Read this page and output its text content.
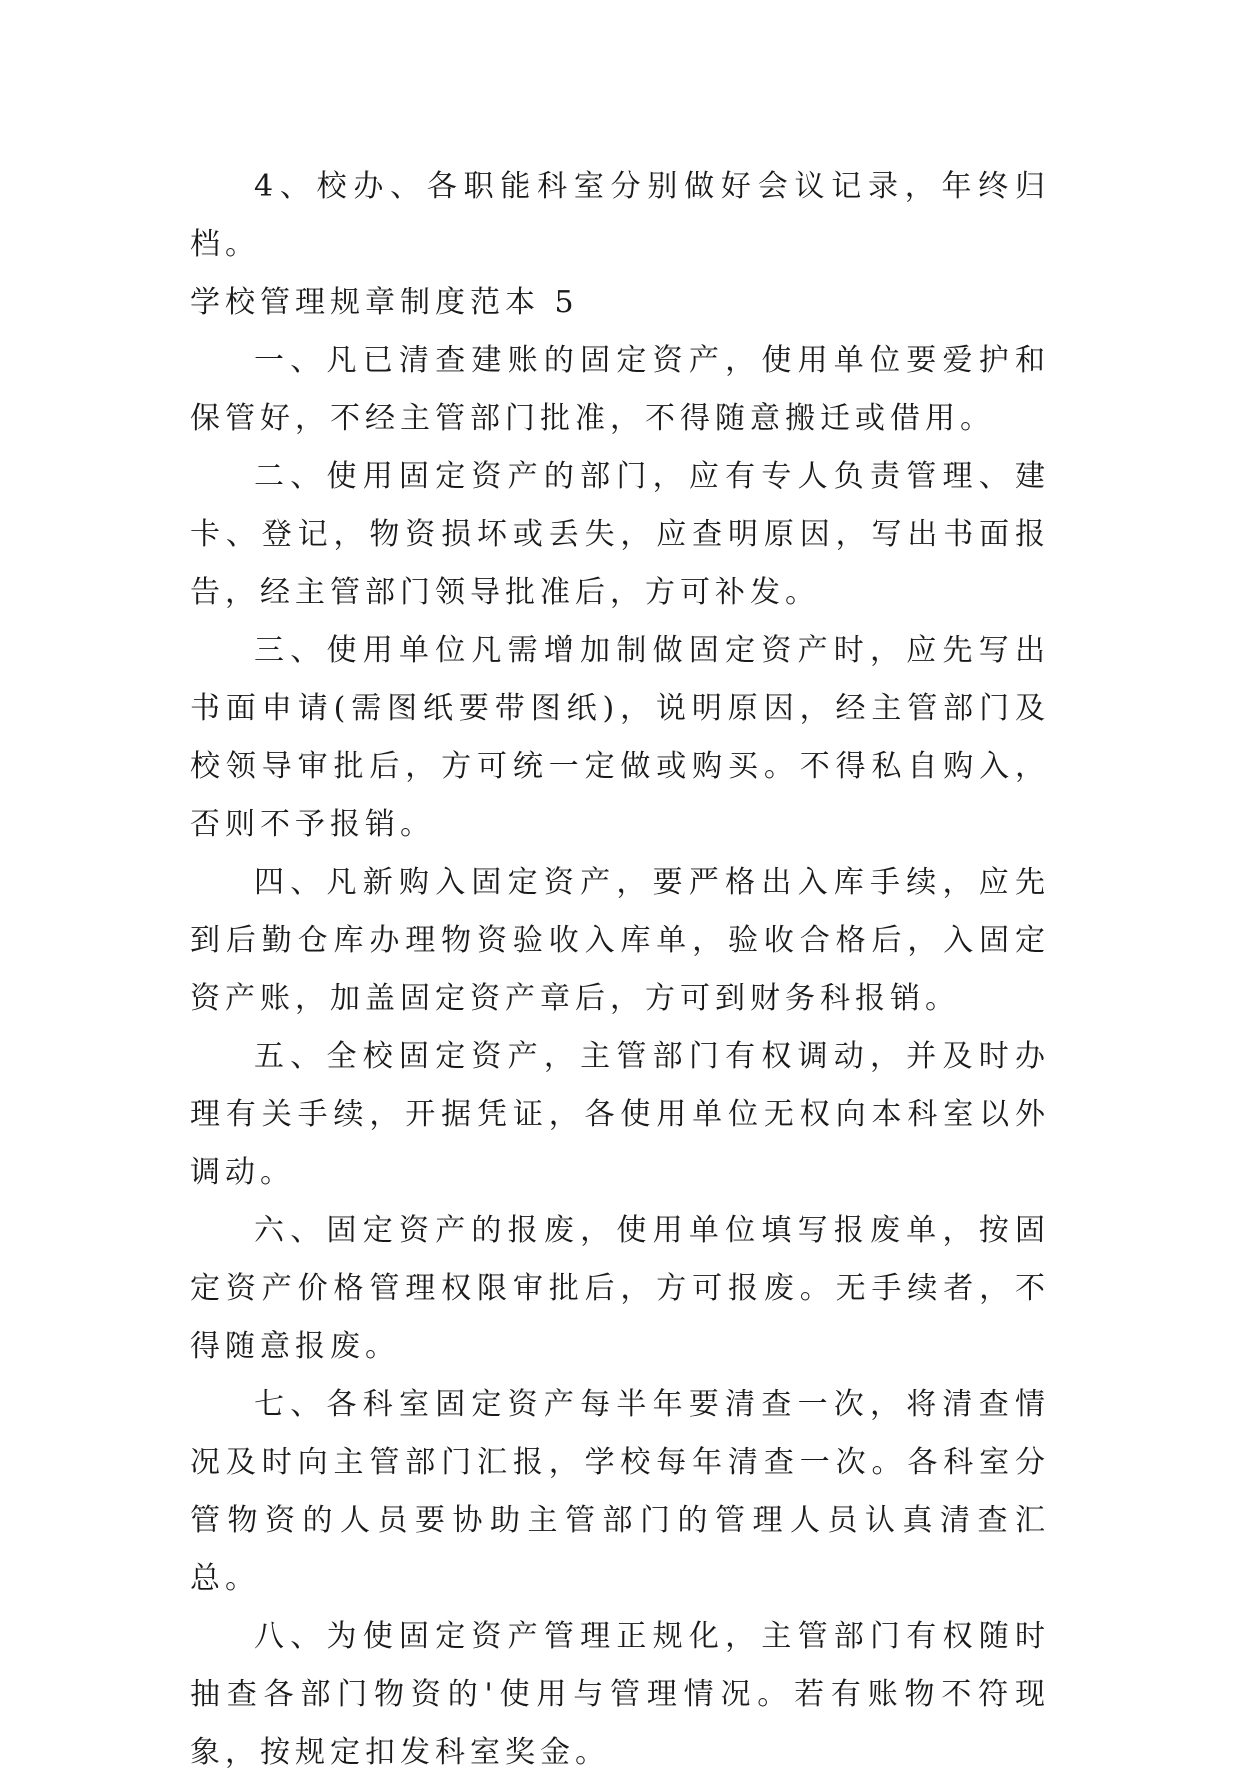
4、校办、各职能科室分别做好会议记录，年终归档。

学校管理规章制度范本 5

一、凡已清查建账的固定资产，使用单位要爱护和保管好，不经主管部门批准，不得随意搬迁或借用。

二、使用固定资产的部门，应有专人负责管理、建卡、登记，物资损坏或丢失，应查明原因，写出书面报告，经主管部门领导批准后，方可补发。

三、使用单位凡需增加制做固定资产时，应先写出书面申请(需图纸要带图纸)，说明原因，经主管部门及校领导审批后，方可统一定做或购买。不得私自购入，否则不予报销。

四、凡新购入固定资产，要严格出入库手续，应先到后勤仓库办理物资验收入库单，验收合格后，入固定资产账，加盖固定资产章后，方可到财务科报销。

五、全校固定资产，主管部门有权调动，并及时办理有关手续，开据凭证，各使用单位无权向本科室以外调动。

六、固定资产的报废，使用单位填写报废单，按固定资产价格管理权限审批后，方可报废。无手续者，不得随意报废。

七、各科室固定资产每半年要清查一次，将清查情况及时向主管部门汇报，学校每年清查一次。各科室分管物资的人员要协助主管部门的管理人员认真清查汇总。

八、为使固定资产管理正规化，主管部门有权随时抽查各部门物资的'使用与管理情况。若有账物不符现象，按规定扣发科室奖金。
